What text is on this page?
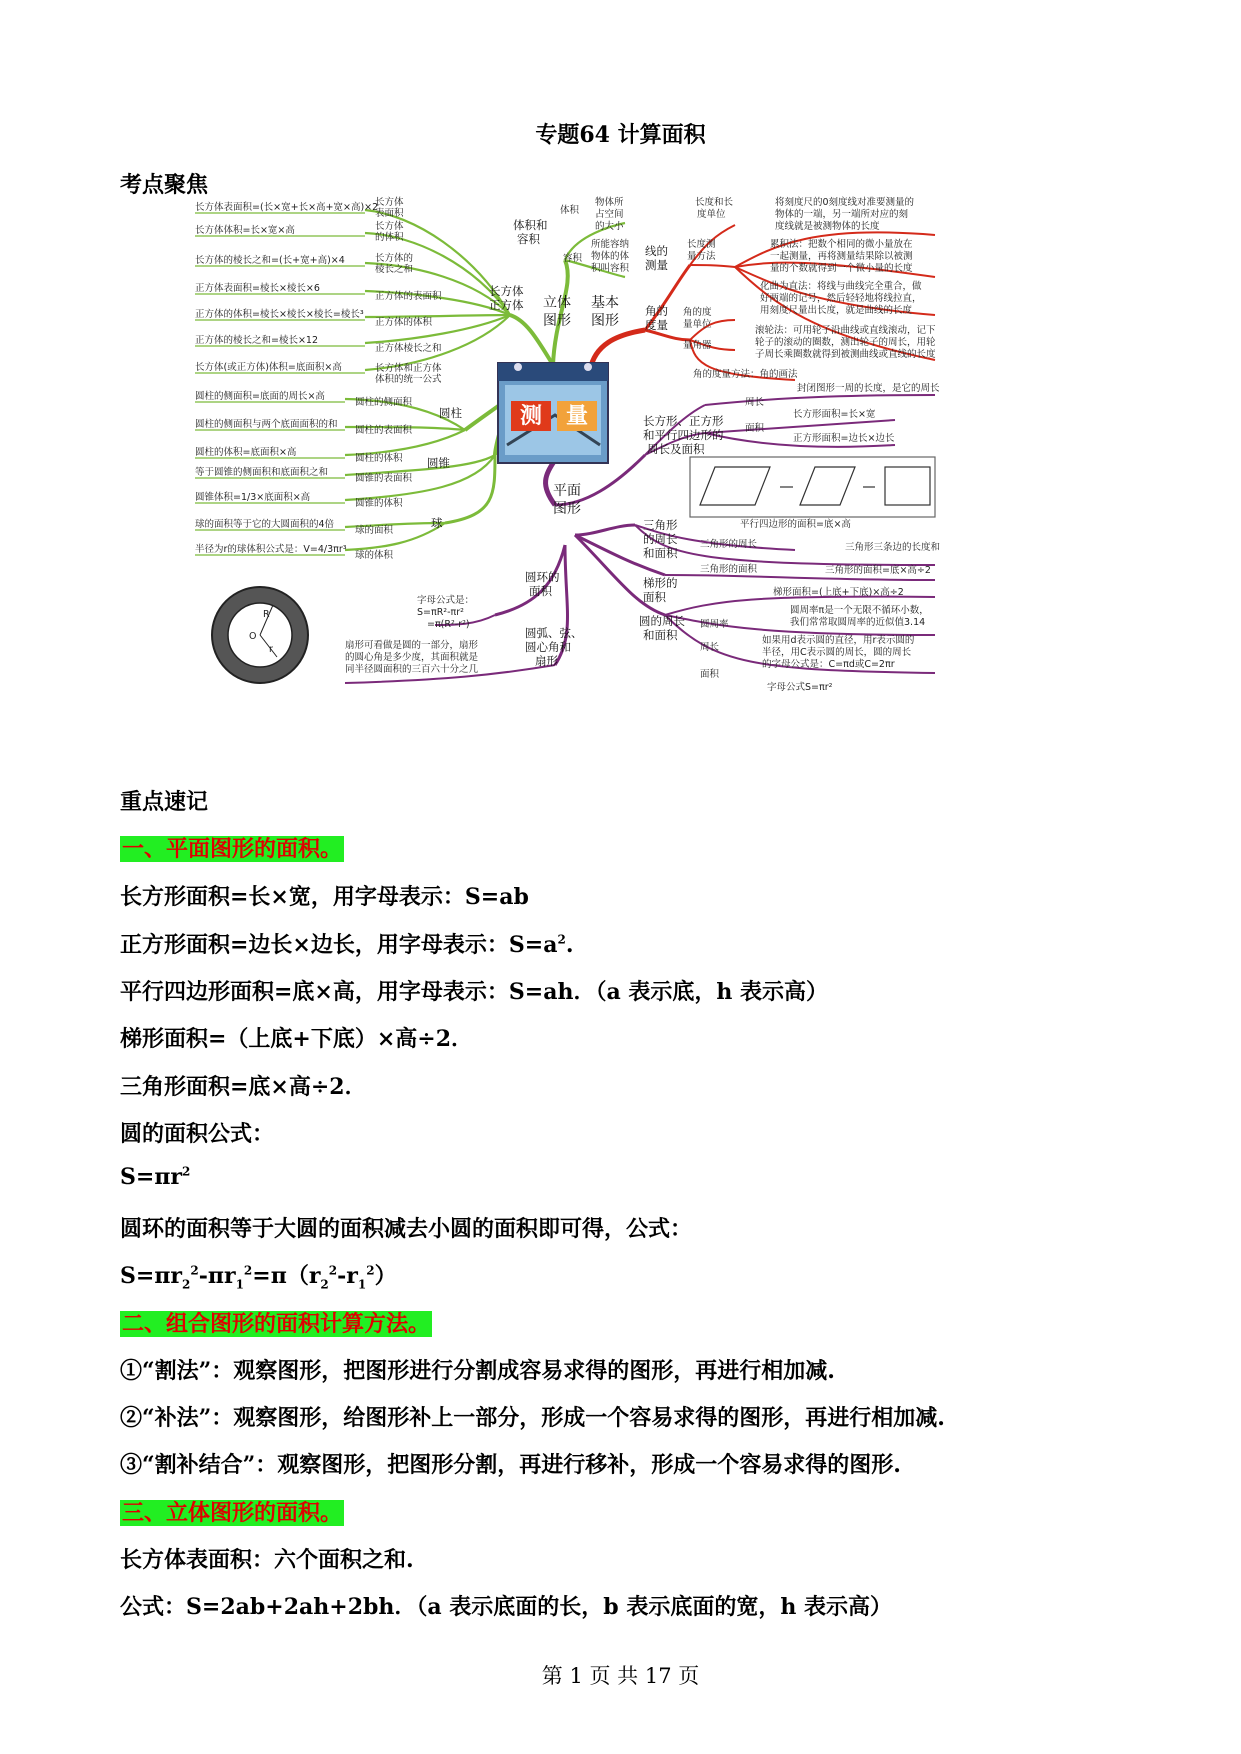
专题64 计算面积
考点聚焦
测 量
立体
图形
体积和
容积
体积
物体所
占空间
的大小
容积
所能容纳
物体的体
积叫容积
长方体
正方体
圆柱
圆锥
球
长方体表面积=(长×宽+长×高+宽×高)×2
长方体体积=长×宽×高
长方体的棱长之和=(长+宽+高)×4
正方体表面积=棱长×棱长×6
正方体的体积=棱长×棱长×棱长=棱长³
正方体的棱长之和=棱长×12
长方体(或正方体)体积=底面积×高
圆柱的侧面积=底面的周长×高
圆柱的侧面积与两个底面面积的和
圆柱的体积=底面积×高
等于圆锥的侧面积和底面积之和
圆锥体积=1/3×底面积×高
球的面积等于它的大圆面积的4倍
半径为r的球体积公式是：V=4/3πr³
长方体
表面积
长方体
的体积
长方体的
棱长之和
正方体的表面积
正方体的体积
正方体棱长之和
长方体和正方体
体积的统一公式
圆柱的侧面积
圆柱的表面积
圆柱的体积
圆锥的表面积
圆锥的体积
球的面积
球的体积
基本
图形
线的
测量
长度和长
度单位
将刻度尺的0刻度线对准要测量的
物体的一端，另一端所对应的刻
度线就是被测物体的长度
长度测
量方法
累积法：把数个相同的微小量放在
一起测量，再将测量结果除以被测
量的个数就得到一个微小量的长度
化曲为直法：将线与曲线完全重合，做
好两端的记号，然后轻轻地将线拉直，
用刻度尺量出长度，就是曲线的长度
滚轮法：可用轮子沿曲线或直线滚动，记下
轮子的滚动的圈数，测出轮子的周长，用轮
子周长乘圈数就得到被测曲线或直线的长度
角的
度量
角的度
量单位
量角器
角的度量方法：角的画法
平面
图形
长方形、正方形
和平行四边形的
周长及面积
周长
封闭图形一周的长度，是它的周长
面积
长方形面积=长×宽
正方形面积=边长×边长
平行四边形的面积=底×高
三角形
的周长
和面积
三角形的周长	三角形三条边的长度和
三角形的面积	三角形的面积=底×高÷2
梯形的
面积	梯形面积=(上底+下底)×高÷2
圆的周长
和面积
圆周率
圆周率π是一个无限不循环小数，
我们常常取圆周率的近似值3.14
周长
如果用d表示圆的直径，用r表示圆的
半径，用C表示圆的周长，圆的周长
的字母公式是：C=πd或C=2πr
面积
字母公式S=πr²
圆环的
面积
字母公式是：
S=πR²-πr²
=π(R²-r²)
圆弧、弦、
圆心角和
扇形
扇形可看做是圆的一部分，扇形
的圆心角是多少度，其面积就是
同半径圆面积的三百六十分之几
R
r
O
重点速记
一、平面图形的面积。
长方形面积=长×宽，用字母表示：S=ab
正方形面积=边长×边长，用字母表示：$S=a^2$.
平行四边形面积=底×高，用字母表示：S=ah．（a 表示底，h 表示高）
梯形面积=（上底+下底）×高÷2．
三角形面积=底×高÷2．
圆的面积公式：
$S=\pi r^2$
圆环的面积等于大圆的面积减去小圆的面积即可得，公式：
$S=\pi r_2^2-\pi r_1^2=\pi(r_2^2-r_1^2)$
二、组合图形的面积计算方法。
①“割法”：观察图形，把图形进行分割成容易求得的图形，再进行相加减.
②“补法”：观察图形，给图形补上一部分，形成一个容易求得的图形，再进行相加减.
③“割补结合”：观察图形，把图形分割，再进行移补，形成一个容易求得的图形.
三、立体图形的面积。
长方体表面积：六个面积之和.
公式：S=2ab+2ah+2bh．（a 表示底面的长，b 表示底面的宽，h 表示高）
第 1 页 共 17 页
